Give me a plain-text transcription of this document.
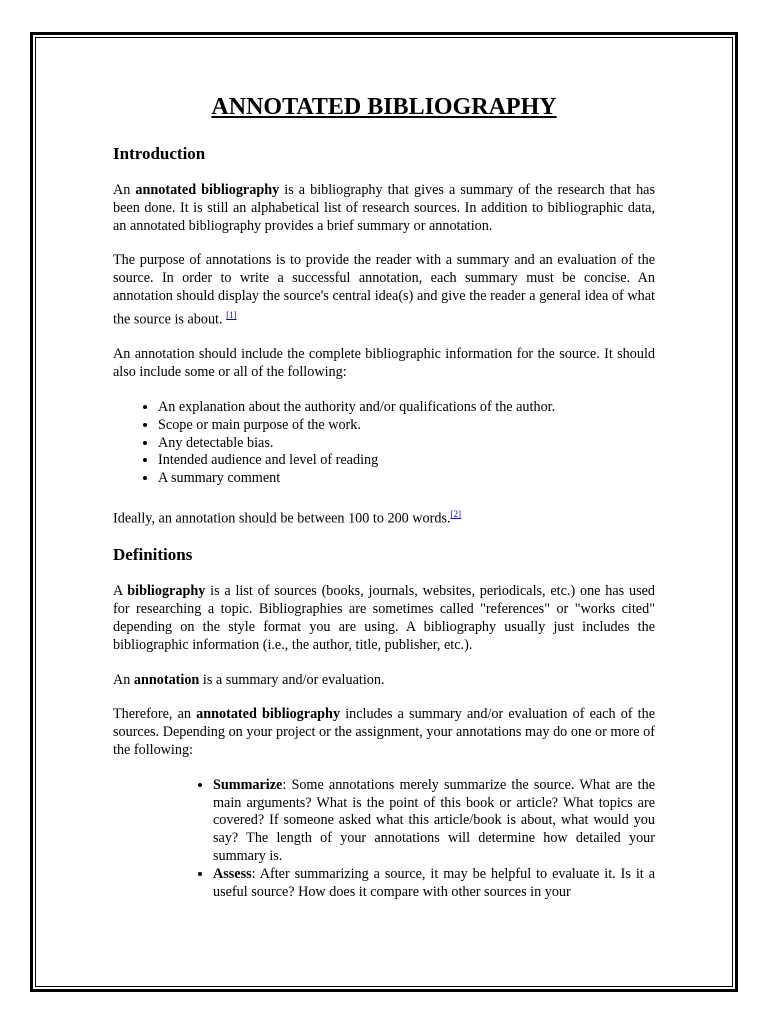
ANNOTATED BIBLIOGRAPHY
Introduction

An annotated bibliography is a bibliography that gives a summary of the research that has been done. It is still an alphabetical list of research sources. In addition to bibliographic data, an annotated bibliography provides a brief summary or annotation.

The purpose of annotations is to provide the reader with a summary and an evaluation of the source. In order to write a successful annotation, each summary must be concise. An annotation should display the source's central idea(s) and give the reader a general idea of what the source is about. [1]

An annotation should include the complete bibliographic information for the source. It should also include some or all of the following:

• An explanation about the authority and/or qualifications of the author.
• Scope or main purpose of the work.
• Any detectable bias.
• Intended audience and level of reading
• A summary comment

Ideally, an annotation should be between 100 to 200 words.[2]

Definitions

A bibliography is a list of sources (books, journals, websites, periodicals, etc.) one has used for researching a topic. Bibliographies are sometimes called "references" or "works cited" depending on the style format you are using. A bibliography usually just includes the bibliographic information (i.e., the author, title, publisher, etc.).

An annotation is a summary and/or evaluation.

Therefore, an annotated bibliography includes a summary and/or evaluation of each of the sources. Depending on your project or the assignment, your annotations may do one or more of the following:

• Summarize: Some annotations merely summarize the source. What are the main arguments? What is the point of this book or article? What topics are covered? If someone asked what this article/book is about, what would you say? The length of your annotations will determine how detailed your summary is.
• Assess: After summarizing a source, it may be helpful to evaluate it. Is it a useful source? How does it compare with other sources in your
